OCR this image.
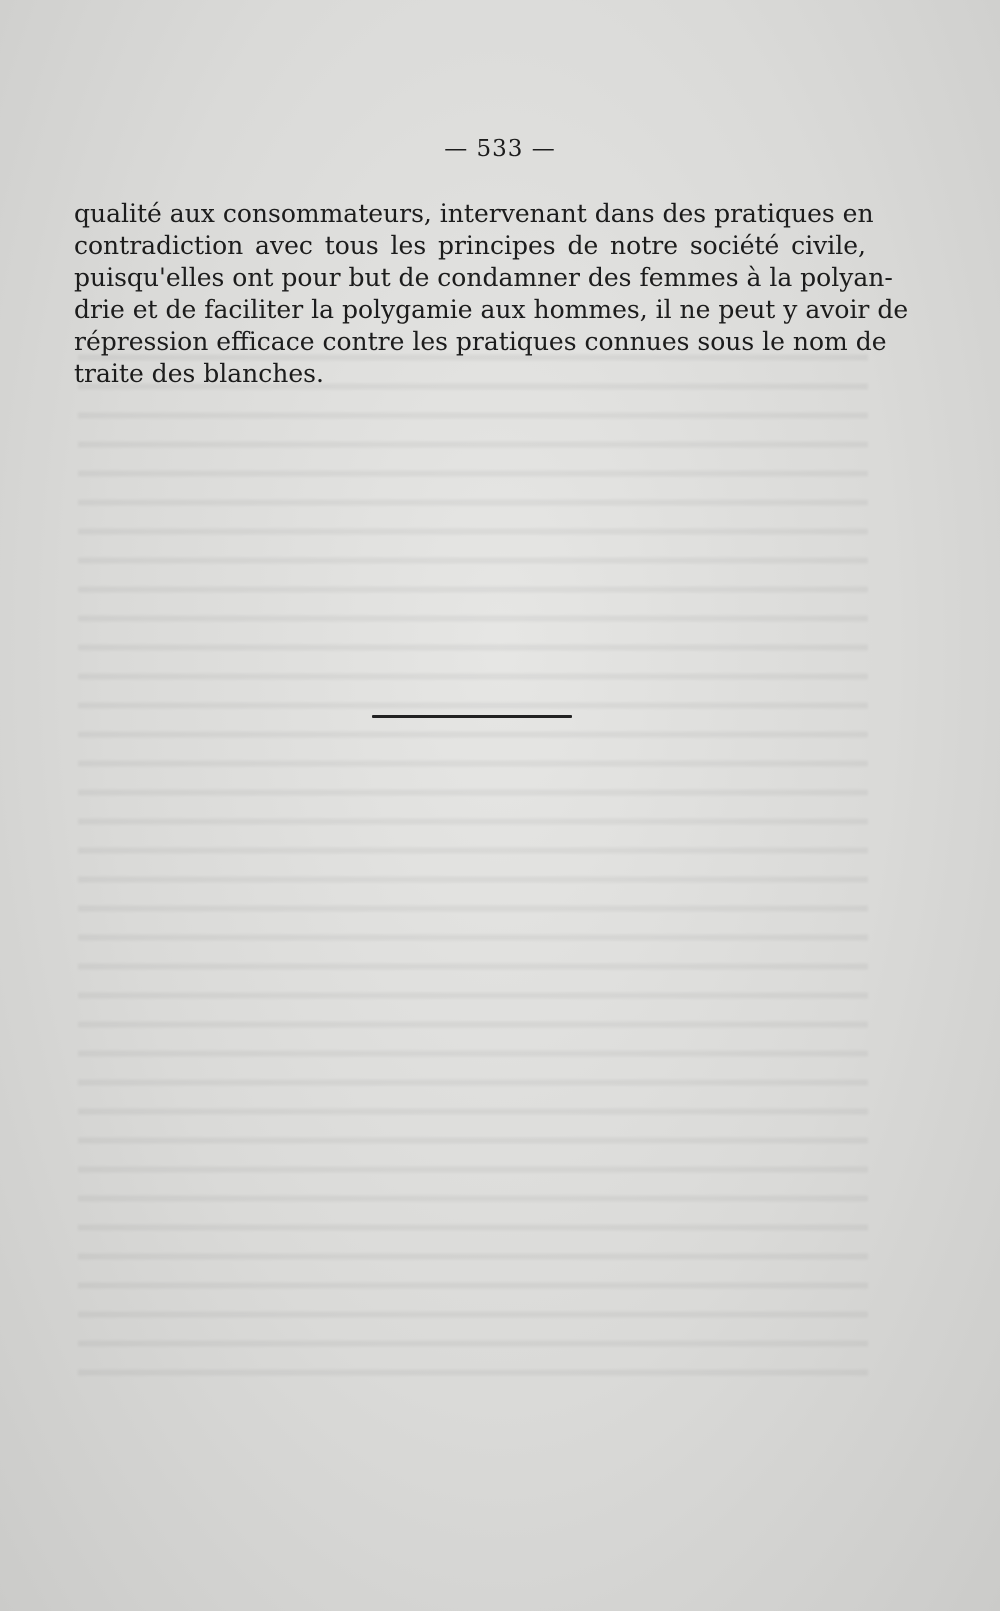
— 533 —
qualité aux consommateurs, intervenant dans des pratiques en
contradiction avec tous les principes de notre société civile,
puisqu'elles ont pour but de condamner des femmes à la polyan-
drie et de faciliter la polygamie aux hommes, il ne peut y avoir de
répression efficace contre les pratiques connues sous le nom de
traite des blanches.
